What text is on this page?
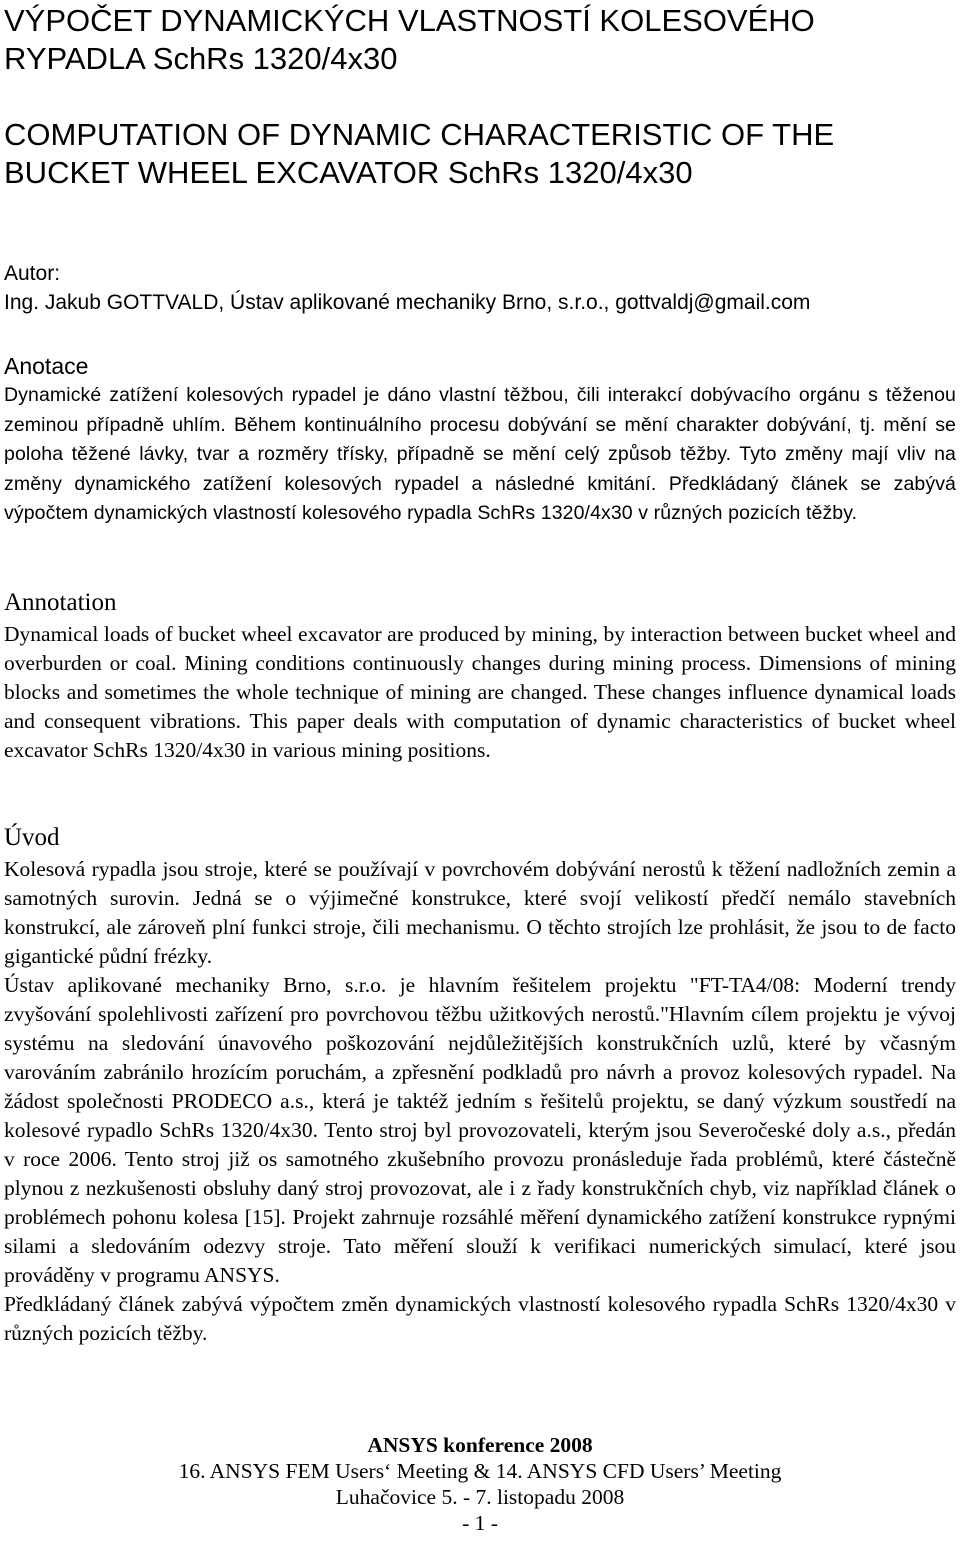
VÝPOČET DYNAMICKÝCH VLASTNOSTÍ KOLESOVÉHO
RYPADLA SchRs 1320/4x30
COMPUTATION OF DYNAMIC CHARACTERISTIC OF THE
BUCKET WHEEL EXCAVATOR SchRs 1320/4x30
Autor:
Ing. Jakub GOTTVALD, Ústav aplikované mechaniky Brno, s.r.o., gottvaldj@gmail.com
Anotace

Dynamické zatížení kolesových rypadel je dáno vlastní těžbou, čili interakcí dobývacího orgánu s těženou zeminou případně uhlím. Během kontinuálního procesu dobývání se mění charakter dobývání, tj. mění se poloha těžené lávky, tvar a rozměry třísky, případně se mění celý způsob těžby. Tyto změny mají vliv na změny dynamického zatížení kolesových rypadel a následné kmitání. Předkládaný článek se zabývá výpočtem dynamických vlastností kolesového rypadla SchRs 1320/4x30 v různých pozicích těžby.

Annotation

Dynamical loads of bucket wheel excavator are produced by mining, by interaction between bucket wheel and overburden or coal. Mining conditions continuously changes during mining process. Dimensions of mining blocks and sometimes the whole technique of mining are changed. These changes influence dynamical loads and consequent vibrations. This paper deals with computation of dynamic characteristics of bucket wheel excavator SchRs 1320/4x30 in various mining positions.

Úvod

Kolesová rypadla jsou stroje, které se používají v povrchovém dobývání nerostů k těžení nadložních zemin a samotných surovin. Jedná se o výjimečné konstrukce, které svojí velikostí předčí nemálo stavebních konstrukcí, ale zároveň plní funkci stroje, čili mechanismu. O těchto strojích lze prohlásit, že jsou to de facto gigantické půdní frézky.

Ústav aplikované mechaniky Brno, s.r.o. je hlavním řešitelem projektu "FT-TA4/08: Moderní trendy zvyšování spolehlivosti zařízení pro povrchovou těžbu užitkových nerostů."Hlavním cílem projektu je vývoj systému na sledování únavového poškozování nejdůležitějších konstrukčních uzlů, které by včasným varováním zabránilo hrozícím poruchám, a zpřesnění podkladů pro návrh a provoz kolesových rypadel. Na žádost společnosti PRODECO a.s., která je taktéž jedním s řešitelů projektu, se daný výzkum soustředí na kolesové rypadlo SchRs 1320/4x30. Tento stroj byl provozovateli, kterým jsou Severočeské doly a.s., předán v roce 2006. Tento stroj již os samotného zkušebního provozu pronásleduje řada problémů, které částečně plynou z nezkušenosti obsluhy daný stroj provozovat, ale i z řady konstrukčních chyb, viz například článek o problémech pohonu kolesa [15]. Projekt zahrnuje rozsáhlé měření dynamického zatížení konstrukce rypnými silami a sledováním odezvy stroje. Tato měření slouží k verifikaci numerických simulací, které jsou prováděny v programu ANSYS.

Předkládaný článek zabývá výpočtem změn dynamických vlastností kolesového rypadla SchRs 1320/4x30 v různých pozicích těžby.

ANSYS konference 2008
16. ANSYS FEM Users‘ Meeting & 14. ANSYS CFD Users’ Meeting
Luhačovice 5. - 7. listopadu 2008
- 1 -
